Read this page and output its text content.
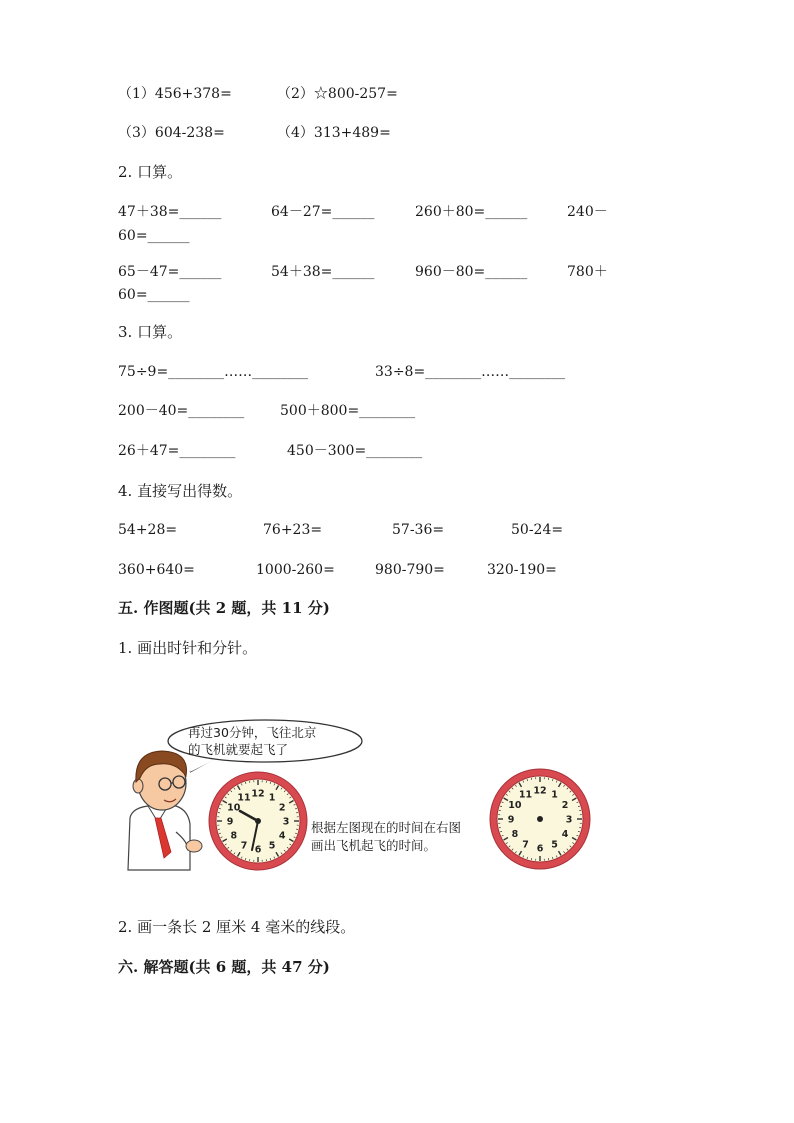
（1）456+378=	（2）☆800-257=
（3）604-238=	（4）313+489=
2. 口算。
47＋38=______	64－27=______	260＋80=______	240－
60=______
65－47=______	54＋38=______	960－80=______	780＋
60=______
3. 口算。
75÷9=________……________	33÷8=________……________
200－40=________	500＋800=________
26＋47=________	450－300=________
4. 直接写出得数。
54+28=	76+23=	57-36=	50-24=
360+640=	1000-260=	980-790=	320-190=
五. 作图题(共 2 题，共 11 分)
1. 画出时针和分针。
再过30分钟，飞往北京
的飞机就要起飞了
12 1
2
3
4
5
6
7
8
9
10
11
根据左图现在的时间在右图
画出飞机起飞的时间。
12 1
2
3
4
5
6
7
8
9
10
11
2. 画一条长 2 厘米 4 毫米的线段。
六. 解答题(共 6 题，共 47 分)
